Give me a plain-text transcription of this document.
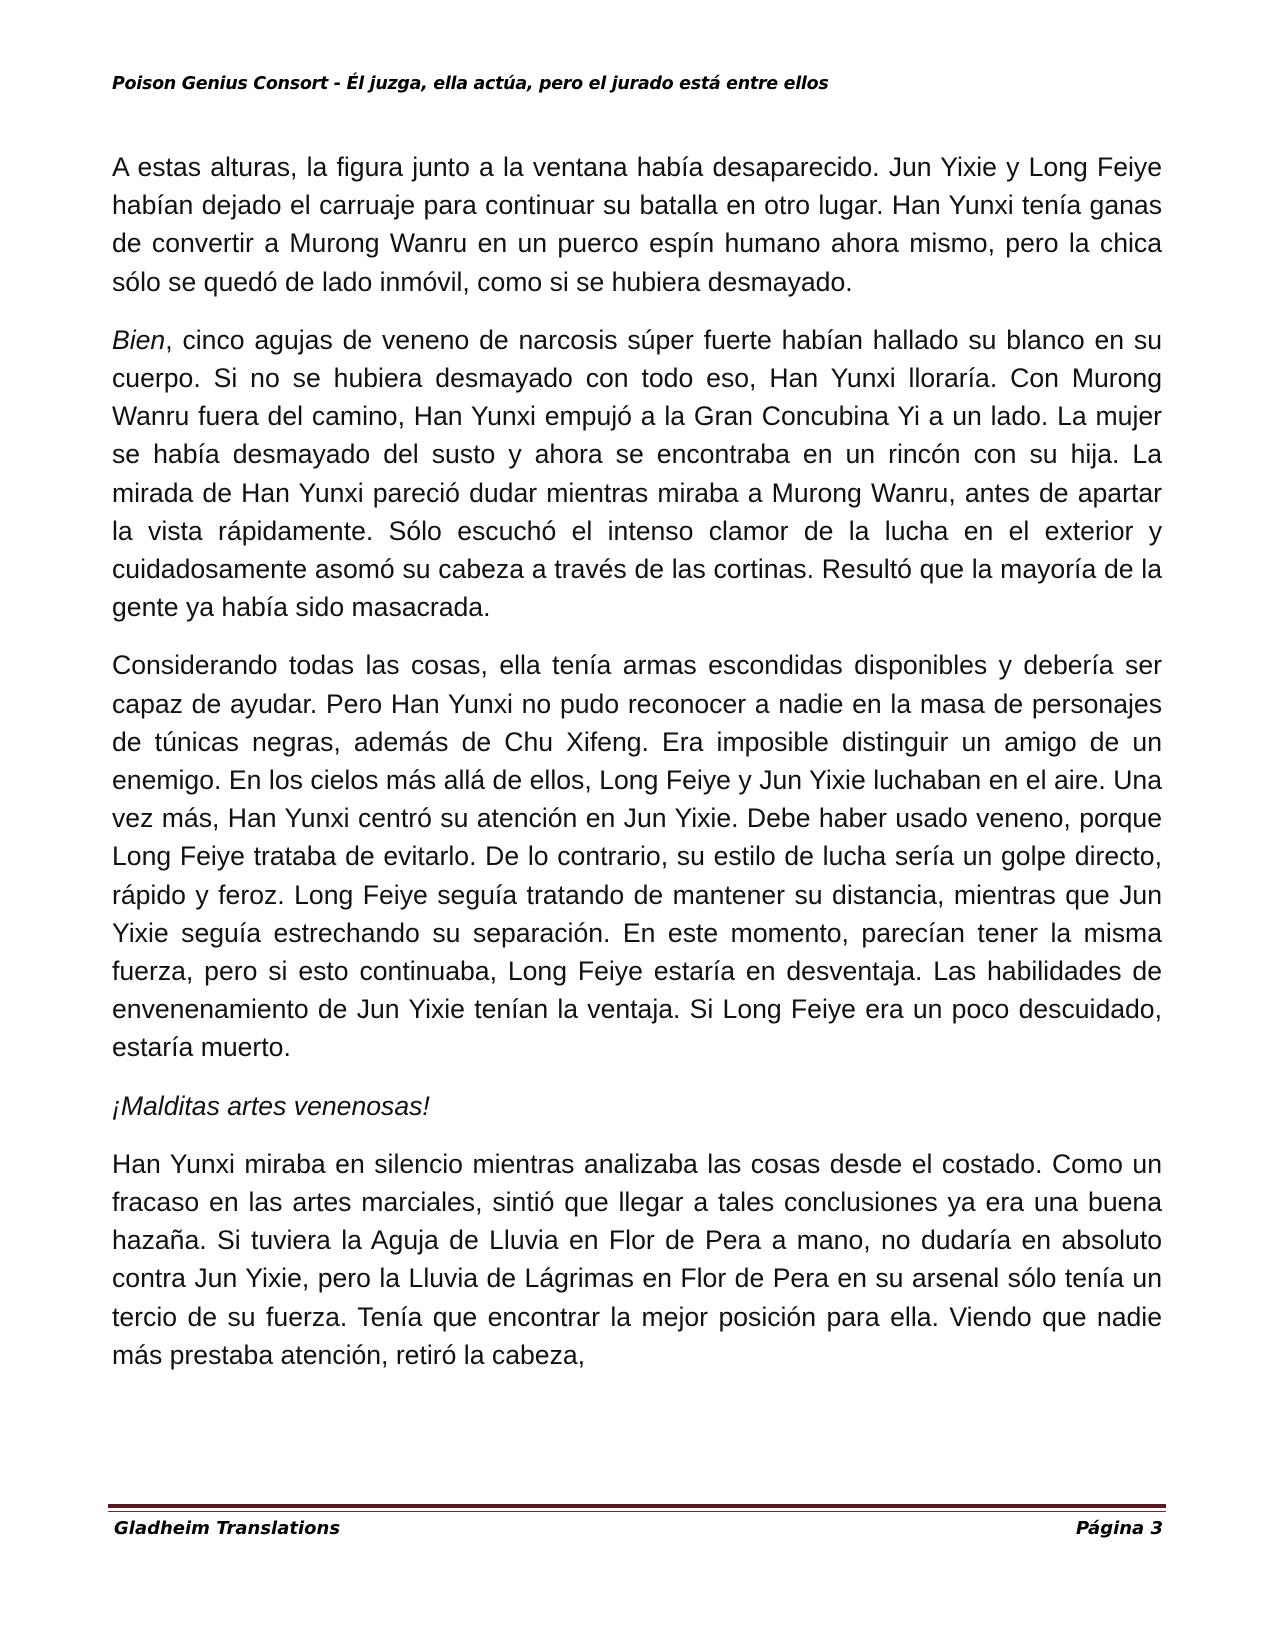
Poison Genius Consort - Él juzga, ella actúa, pero el jurado está entre ellos

A estas alturas, la figura junto a la ventana había desaparecido. Jun Yixie y Long Feiye habían dejado el carruaje para continuar su batalla en otro lugar. Han Yunxi tenía ganas de convertir a Murong Wanru en un puerco espín humano ahora mismo, pero la chica sólo se quedó de lado inmóvil, como si se hubiera desmayado.

Bien, cinco agujas de veneno de narcosis súper fuerte habían hallado su blanco en su cuerpo. Si no se hubiera desmayado con todo eso, Han Yunxi lloraría. Con Murong Wanru fuera del camino, Han Yunxi empujó a la Gran Concubina Yi a un lado. La mujer se había desmayado del susto y ahora se encontraba en un rincón con su hija. La mirada de Han Yunxi pareció dudar mientras miraba a Murong Wanru, antes de apartar la vista rápidamente. Sólo escuchó el intenso clamor de la lucha en el exterior y cuidadosamente asomó su cabeza a través de las cortinas. Resultó que la mayoría de la gente ya había sido masacrada.

Considerando todas las cosas, ella tenía armas escondidas disponibles y debería ser capaz de ayudar. Pero Han Yunxi no pudo reconocer a nadie en la masa de personajes de túnicas negras, además de Chu Xifeng. Era imposible distinguir un amigo de un enemigo. En los cielos más allá de ellos, Long Feiye y Jun Yixie luchaban en el aire. Una vez más, Han Yunxi centró su atención en Jun Yixie. Debe haber usado veneno, porque Long Feiye trataba de evitarlo. De lo contrario, su estilo de lucha sería un golpe directo, rápido y feroz. Long Feiye seguía tratando de mantener su distancia, mientras que Jun Yixie seguía estrechando su separación. En este momento, parecían tener la misma fuerza, pero si esto continuaba, Long Feiye estaría en desventaja. Las habilidades de envenenamiento de Jun Yixie tenían la ventaja. Si Long Feiye era un poco descuidado, estaría muerto.

¡Malditas artes venenosas!

Han Yunxi miraba en silencio mientras analizaba las cosas desde el costado. Como un fracaso en las artes marciales, sintió que llegar a tales conclusiones ya era una buena hazaña. Si tuviera la Aguja de Lluvia en Flor de Pera a mano, no dudaría en absoluto contra Jun Yixie, pero la Lluvia de Lágrimas en Flor de Pera en su arsenal sólo tenía un tercio de su fuerza. Tenía que encontrar la mejor posición para ella. Viendo que nadie más prestaba atención, retiró la cabeza,

Gladheim Translations	Página 3
